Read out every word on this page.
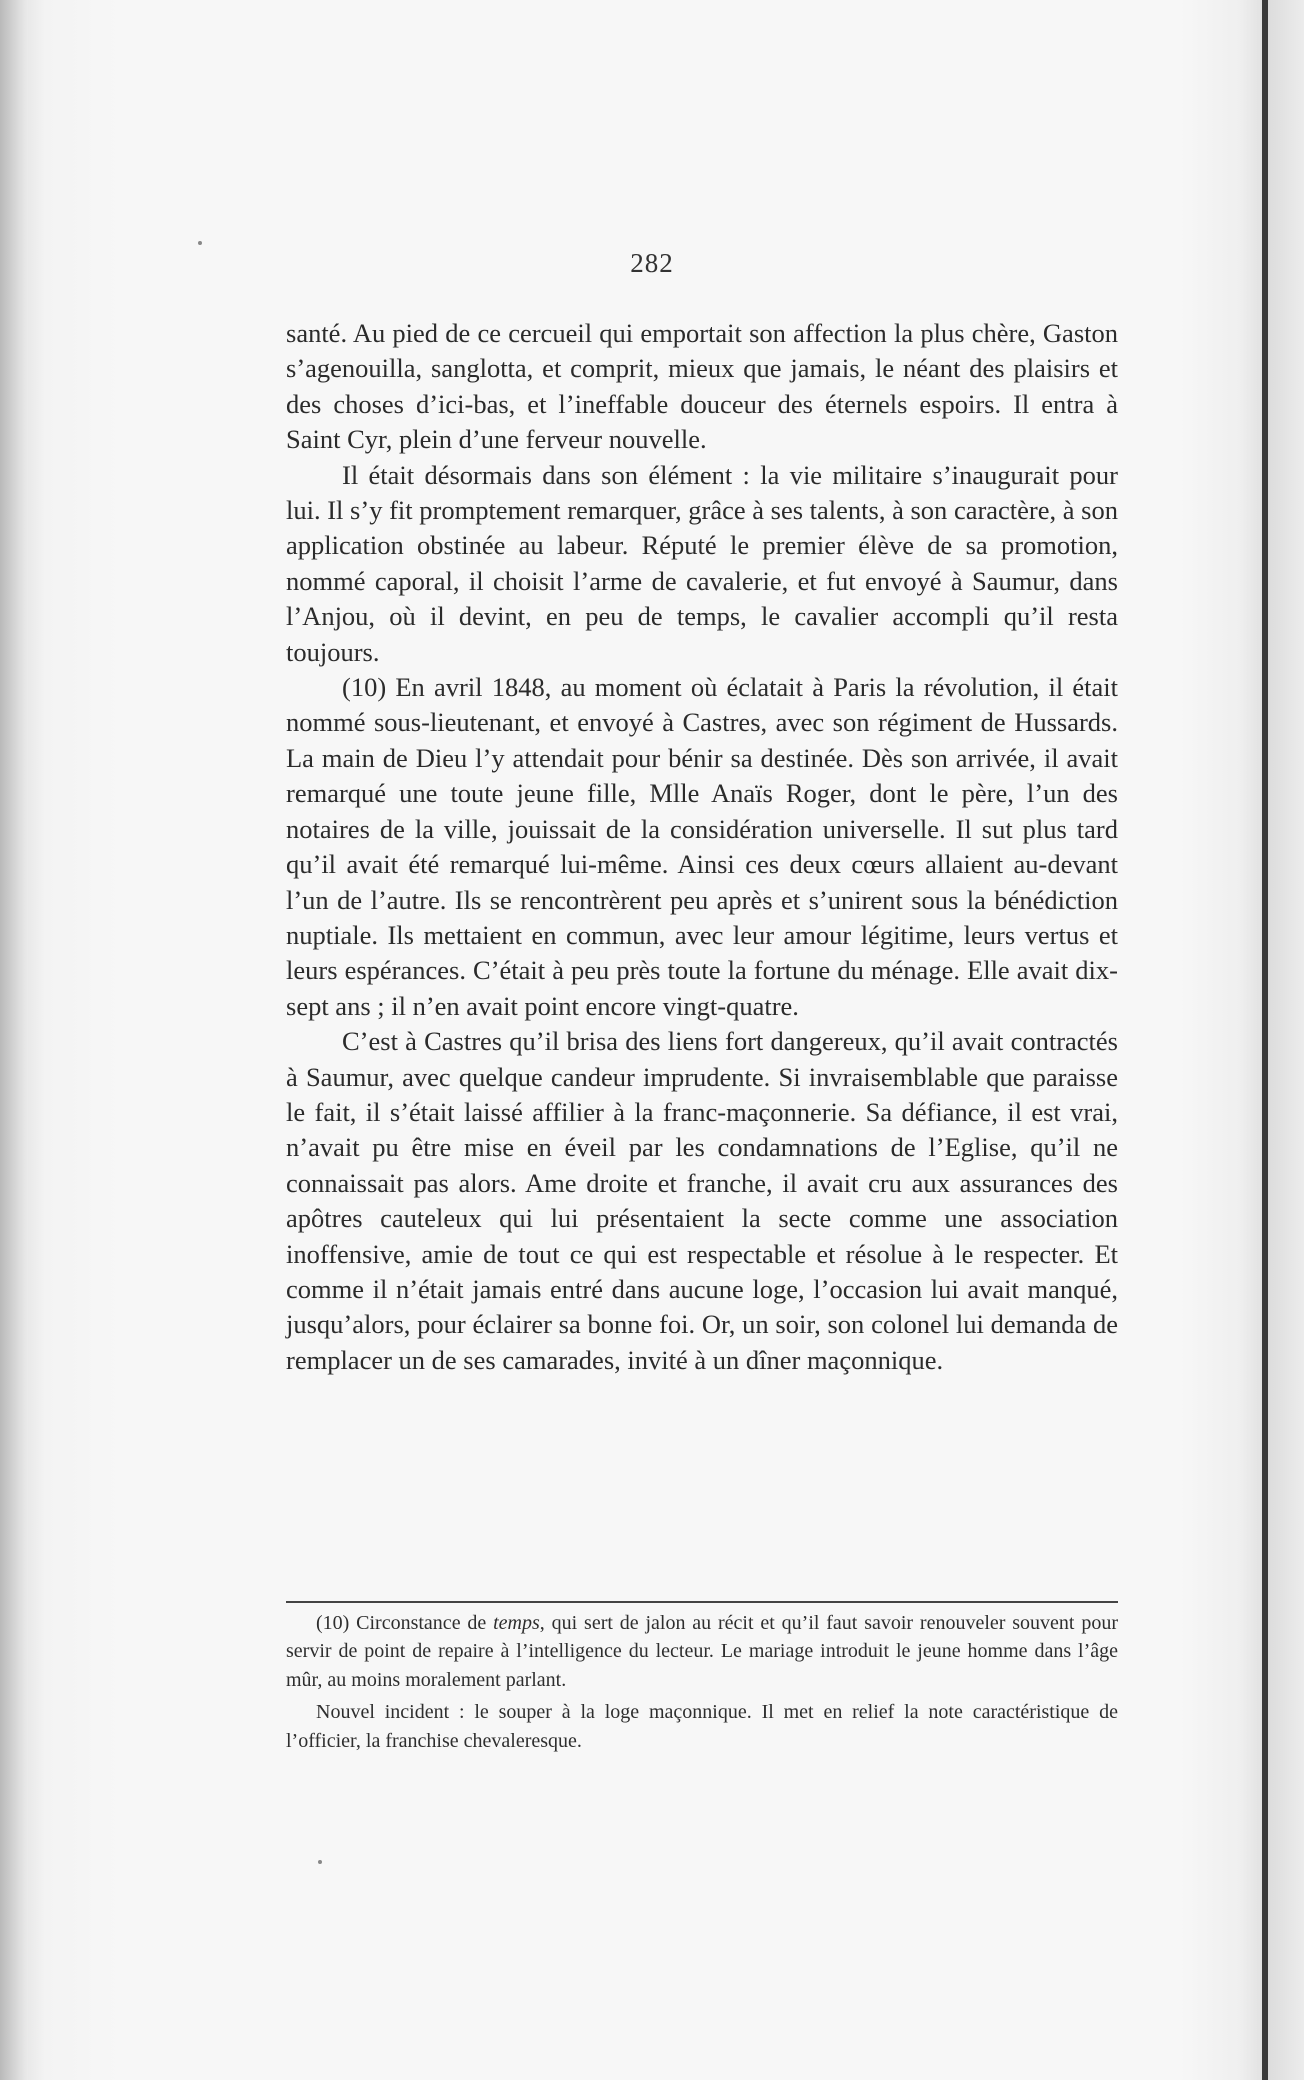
282

santé. Au pied de ce cercueil qui emportait son affection la plus chère, Gaston s’agenouilla, sanglotta, et comprit, mieux que jamais, le néant des plaisirs et des choses d’ici-bas, et l’ineffable douceur des éternels espoirs. Il entra à Saint Cyr, plein d’une ferveur nouvelle.

Il était désormais dans son élément : la vie militaire s’inaugurait pour lui. Il s’y fit promptement remarquer, grâce à ses talents, à son caractère, à son application obstinée au labeur. Réputé le premier élève de sa promotion, nommé caporal, il choisit l’arme de cavalerie, et fut envoyé à Saumur, dans l’Anjou, où il devint, en peu de temps, le cavalier accompli qu’il resta toujours.

(10) En avril 1848, au moment où éclatait à Paris la révolution, il était nommé sous-lieutenant, et envoyé à Castres, avec son régiment de Hussards. La main de Dieu l’y attendait pour bénir sa destinée. Dès son arrivée, il avait remarqué une toute jeune fille, Mlle Anaïs Roger, dont le père, l’un des notaires de la ville, jouissait de la considération universelle. Il sut plus tard qu’il avait été remarqué lui-même. Ainsi ces deux cœurs allaient au-devant l’un de l’autre. Ils se rencontrèrent peu après et s’unirent sous la bénédiction nuptiale. Ils mettaient en commun, avec leur amour légitime, leurs vertus et leurs espérances. C’était à peu près toute la fortune du ménage. Elle avait dix-sept ans ; il n’en avait point encore vingt-quatre.

C’est à Castres qu’il brisa des liens fort dangereux, qu’il avait contractés à Saumur, avec quelque candeur imprudente. Si invraisemblable que paraisse le fait, il s’était laissé affilier à la franc-maçonnerie. Sa défiance, il est vrai, n’avait pu être mise en éveil par les condamnations de l’Eglise, qu’il ne connaissait pas alors. Ame droite et franche, il avait cru aux assurances des apôtres cauteleux qui lui présentaient la secte comme une association inoffensive, amie de tout ce qui est respectable et résolue à le respecter. Et comme il n’était jamais entré dans aucune loge, l’occasion lui avait manqué, jusqu’alors, pour éclairer sa bonne foi. Or, un soir, son colonel lui demanda de remplacer un de ses camarades, invité à un dîner maçonnique.

(10) Circonstance de temps, qui sert de jalon au récit et qu’il faut savoir renouveler souvent pour servir de point de repaire à l’intelligence du lecteur. Le mariage introduit le jeune homme dans l’âge mûr, au moins moralement parlant.

Nouvel incident : le souper à la loge maçonnique. Il met en relief la note caractéristique de l’officier, la franchise chevaleresque.
